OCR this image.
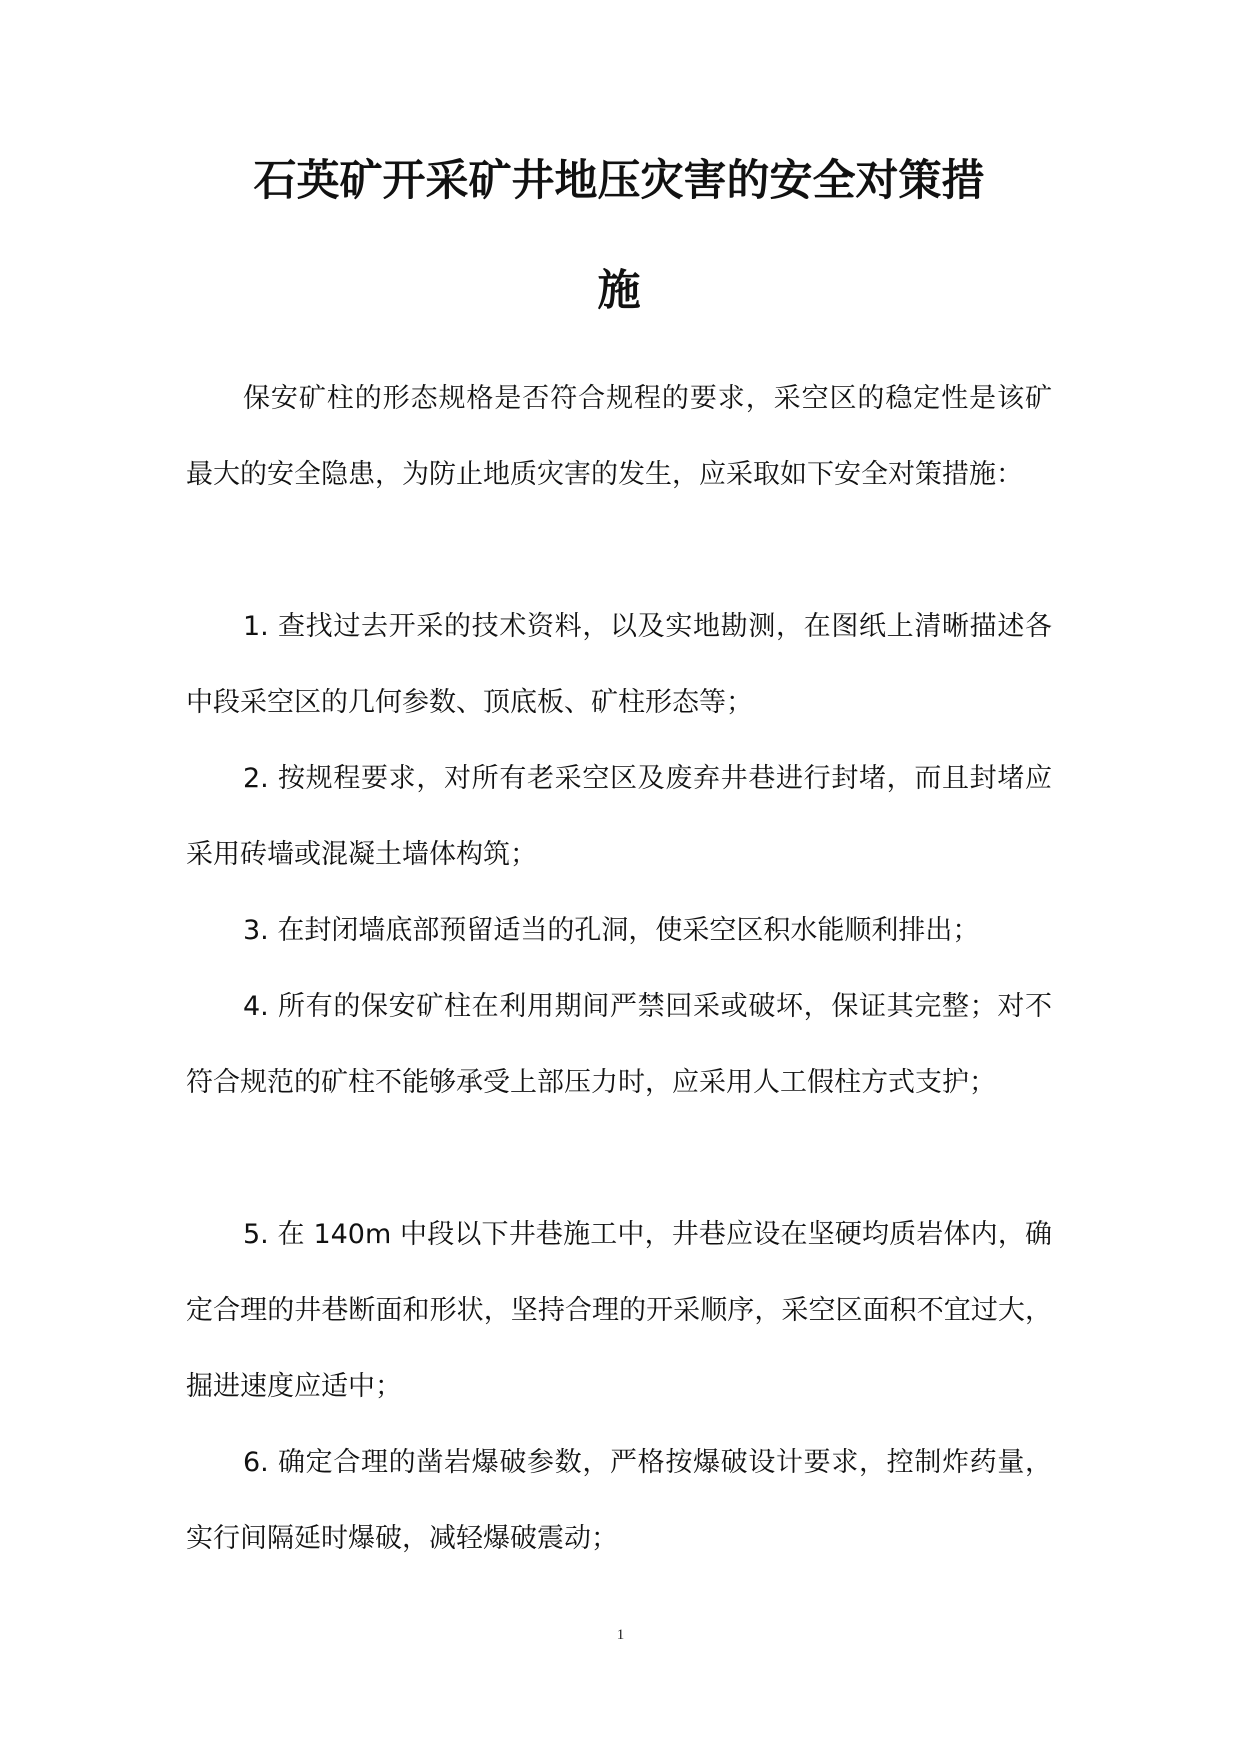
石英矿开采矿井地压灾害的安全对策措
施

保安矿柱的形态规格是否符合规程的要求，采空区的稳定性是该矿最大的安全隐患，为防止地质灾害的发生，应采取如下安全对策措施：

1. 查找过去开采的技术资料，以及实地勘测，在图纸上清晰描述各中段采空区的几何参数、顶底板、矿柱形态等；

2. 按规程要求，对所有老采空区及废弃井巷进行封堵，而且封堵应采用砖墙或混凝土墙体构筑；

3. 在封闭墙底部预留适当的孔洞，使采空区积水能顺利排出；

4. 所有的保安矿柱在利用期间严禁回采或破坏，保证其完整；对不符合规范的矿柱不能够承受上部压力时，应采用人工假柱方式支护；

5. 在 140m 中段以下井巷施工中，井巷应设在坚硬均质岩体内，确定合理的井巷断面和形状，坚持合理的开采顺序，采空区面积不宜过大，掘进速度应适中；

6. 确定合理的凿岩爆破参数，严格按爆破设计要求，控制炸药量，实行间隔延时爆破，减轻爆破震动；

1
